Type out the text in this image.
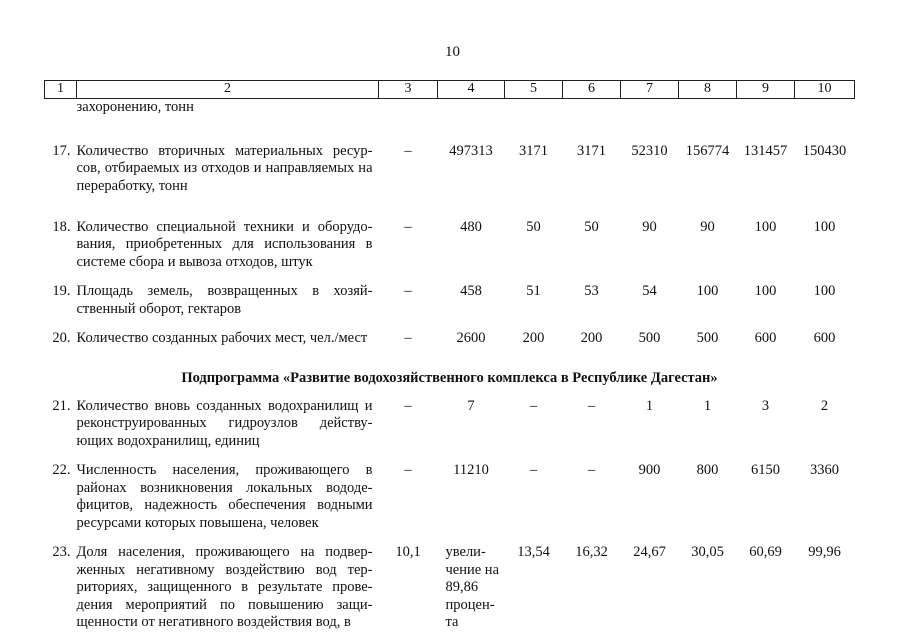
10
1	2	3	4	5	6	7	8	9	10
	захоронению, тонн								
17.	Количество вторичных материальных ресур-сов, отбираемых из отходов и направляемых на переработку, тонн	–	497313	3171	3171	52310	156774	131457	150430
18.	Количество специальной техники и оборудо-вания, приобретенных для использования в системе сбора и вывоза отходов, штук	–	480	50	50	90	90	100	100
19.	Площадь земель, возвращенных в хозяй-ственный оборот, гектаров	–	458	51	53	54	100	100	100
20.	Количество созданных рабочих мест, чел./мест	–	2600	200	200	500	500	600	600
Подпрограмма «Развитие водохозяйственного комплекса в Республике Дагестан»									
21.	Количество вновь созданных водохранилищ и реконструированных гидроузлов действу-ющих водохранилищ, единиц	–	7	–	–	1	1	3	2
22.	Численность населения, проживающего в районах возникновения локальных вододе-фицитов, надежность обеспечения водными ресурсами которых повышена, человек	–	11210	–	–	900	800	6150	3360
23.	Доля населения, проживающего на подвер-женных негативному воздействию вод тер-риториях, защищенного в результате прове-дения мероприятий по повышению защи-щенности от негативного воздействия вод, в	10,1	увели-чение на 89,86 процен-та	13,54	16,32	24,67	30,05	60,69	99,96
